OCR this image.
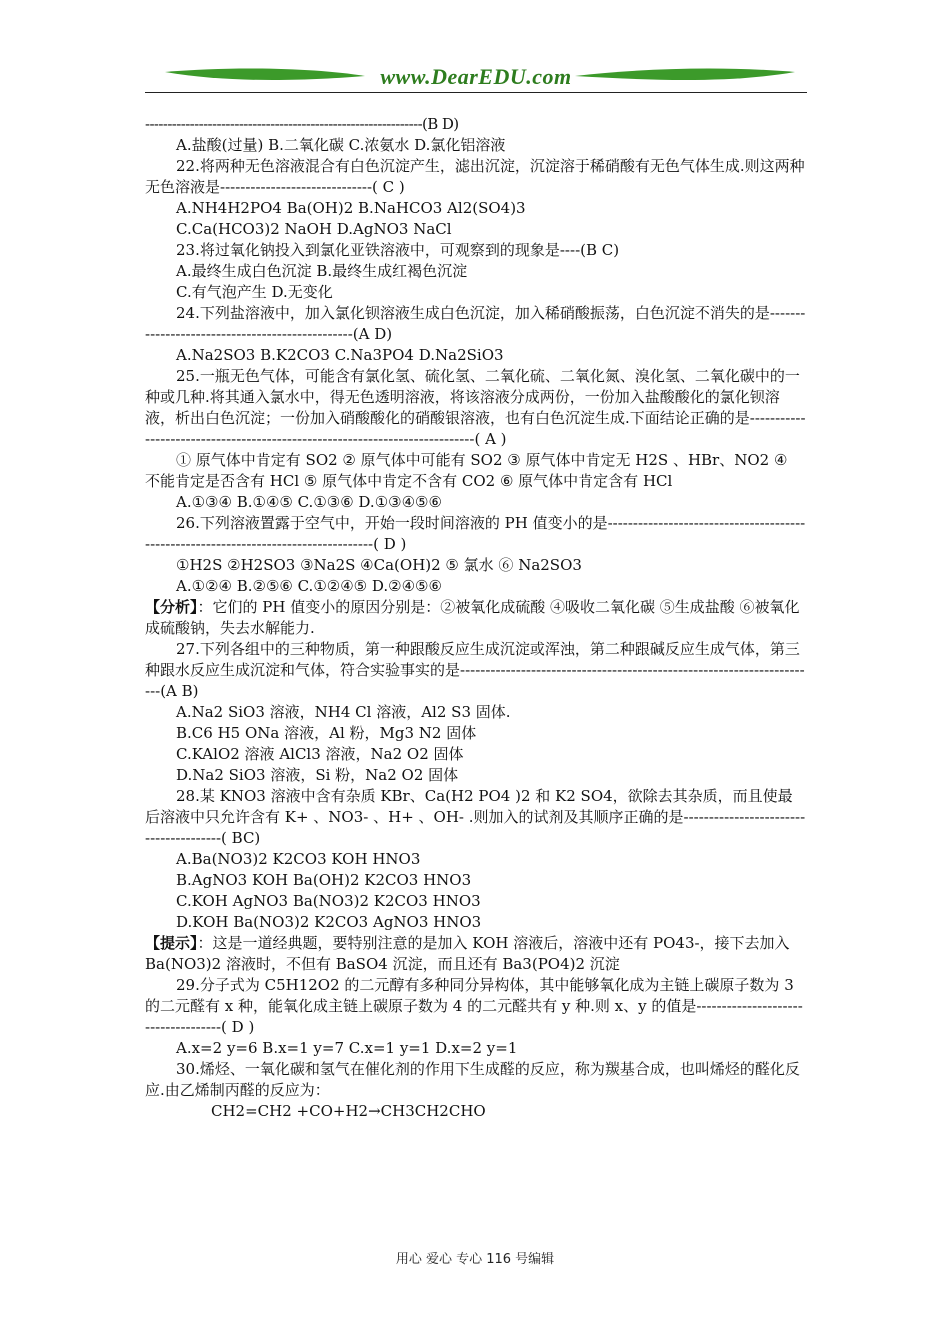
www.DearEDU.com

--------------------------------------------------------------(B D)

A.盐酸(过量) B.二氧化碳 C.浓氨水 D.氯化铝溶液

22.将两种无色溶液混合有白色沉淀产生，滤出沉淀，沉淀溶于稀硝酸有无色气体生成.则这两种无色溶液是------------------------------( C )

A.NH4H2PO4 Ba(OH)2 B.NaHCO3 Al2(SO4)3

C.Ca(HCO3)2 NaOH D.AgNO3 NaCl

23.将过氧化钠投入到氯化亚铁溶液中，可观察到的现象是----(B C)

A.最终生成白色沉淀 B.最终生成红褐色沉淀

C.有气泡产生 D.无变化

24.下列盐溶液中，加入氯化钡溶液生成白色沉淀，加入稀硝酸振荡，白色沉淀不消失的是------------------------------------------------(A D)

A.Na2SO3 B.K2CO3 C.Na3PO4 D.Na2SiO3

25.一瓶无色气体，可能含有氯化氢、硫化氢、二氧化硫、二氧化氮、溴化氢、二氧化碳中的一种或几种.将其通入氯水中，得无色透明溶液，将该溶液分成两份，一份加入盐酸酸化的氯化钡溶液，析出白色沉淀；一份加入硝酸酸化的硝酸银溶液，也有白色沉淀生成.下面结论正确的是----------------------------------------------------------------------------( A )

① 原气体中肯定有 SO2 ② 原气体中可能有 SO2 ③ 原气体中肯定无 H2S 、HBr、NO2 ④ 不能肯定是否含有 HCl ⑤ 原气体中肯定不含有 CO2 ⑥ 原气体中肯定含有 HCl

A.①③④ B.①④⑤ C.①③⑥ D.①③④⑤⑥

26.下列溶液置露于空气中，开始一段时间溶液的 PH 值变小的是------------------------------------------------------------------------------------( D )

①H2S ②H2SO3 ③Na2S ④Ca(OH)2 ⑤ 氯水 ⑥ Na2SO3

A.①②④ B.②⑤⑥ C.①②④⑤ D.②④⑤⑥

【分析】：它们的 PH 值变小的原因分别是：②被氧化成硫酸 ④吸收二氧化碳 ⑤生成盐酸 ⑥被氧化成硫酸钠，失去水解能力.

27.下列各组中的三种物质，第一种跟酸反应生成沉淀或浑浊，第二种跟碱反应生成气体，第三种跟水反应生成沉淀和气体，符合实验事实的是-----------------------------------------------------------------------(A B)

A.Na2 SiO3 溶液，NH4 Cl 溶液，Al2 S3 固体.

B.C6 H5 ONa 溶液，Al 粉，Mg3 N2 固体

C.KAlO2 溶液 AlCl3 溶液，Na2 O2 固体

D.Na2 SiO3 溶液，Si 粉，Na2 O2 固体

28.某 KNO3 溶液中含有杂质 KBr、Ca(H2 PO4 )2 和 K2 SO4，欲除去其杂质，而且使最后溶液中只允许含有 K+ 、NO3- 、H+ 、OH- .则加入的试剂及其顺序正确的是---------------------------------------( BC)

A.Ba(NO3)2 K2CO3 KOH HNO3

B.AgNO3 KOH Ba(OH)2 K2CO3 HNO3

C.KOH AgNO3 Ba(NO3)2 K2CO3 HNO3

D.KOH Ba(NO3)2 K2CO3 AgNO3 HNO3

【提示】：这是一道经典题，要特别注意的是加入 KOH 溶液后，溶液中还有 PO43-，接下去加入 Ba(NO3)2 溶液时，不但有 BaSO4 沉淀，而且还有 Ba3(PO4)2 沉淀

29.分子式为 C5H12O2 的二元醇有多种同分异构体，其中能够氧化成为主链上碳原子数为 3 的二元醛有 x 种，能氧化成主链上碳原子数为 4 的二元醛共有 y 种.则 x、y 的值是------------------------------------( D )

A.x=2 y=6 B.x=1 y=7 C.x=1 y=1 D.x=2 y=1

30.烯烃、一氧化碳和氢气在催化剂的作用下生成醛的反应，称为羰基合成，也叫烯烃的醛化反应.由乙烯制丙醛的反应为：

CH2=CH2 +CO+H2→CH3CH2CHO

用心 爱心 专心 116 号编辑
